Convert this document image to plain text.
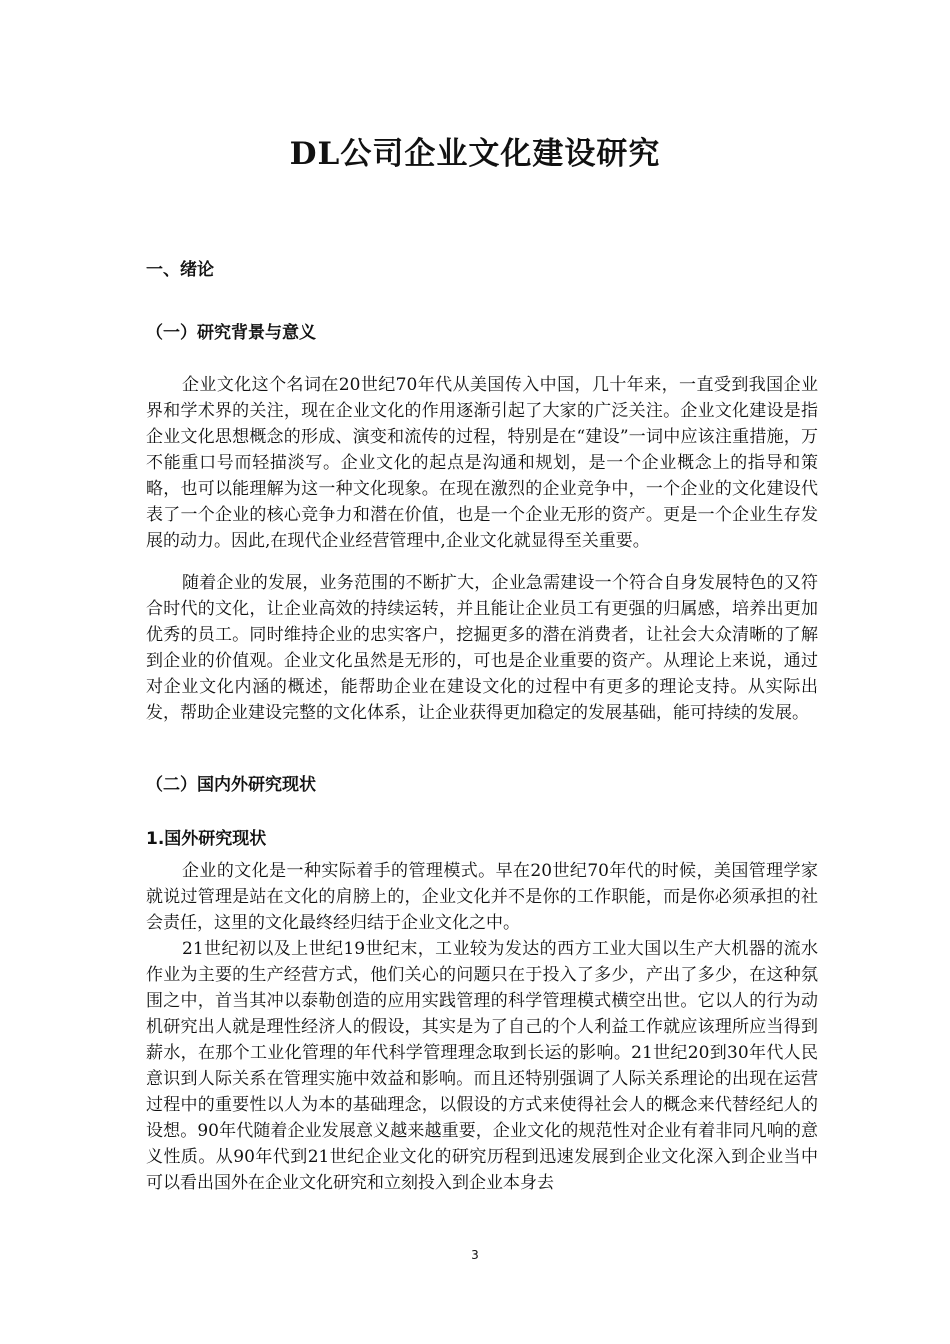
DL公司企业文化建设研究
一、绪论
（一）研究背景与意义

企业文化这个名词在20世纪70年代从美国传入中国，几十年来，一直受到我国企业界和学术界的关注，现在企业文化的作用逐渐引起了大家的广泛关注。企业文化建设是指企业文化思想概念的形成、演变和流传的过程，特别是在“建设”一词中应该注重措施，万不能重口号而轻描淡写。企业文化的起点是沟通和规划，是一个企业概念上的指导和策略，也可以能理解为这一种文化现象。在现在激烈的企业竞争中，一个企业的文化建设代表了一个企业的核心竞争力和潜在价值，也是一个企业无形的资产。更是一个企业生存发展的动力。因此,在现代企业经营管理中,企业文化就显得至关重要。

随着企业的发展，业务范围的不断扩大，企业急需建设一个符合自身发展特色的又符合时代的文化，让企业高效的持续运转，并且能让企业员工有更强的归属感，培养出更加优秀的员工。同时维持企业的忠实客户，挖掘更多的潜在消费者，让社会大众清晰的了解到企业的价值观。企业文化虽然是无形的，可也是企业重要的资产。从理论上来说，通过对企业文化内涵的概述，能帮助企业在建设文化的过程中有更多的理论支持。从实际出发，帮助企业建设完整的文化体系，让企业获得更加稳定的发展基础，能可持续的发展。

（二）国内外研究现状
1.国外研究现状

企业的文化是一种实际着手的管理模式。早在20世纪70年代的时候，美国管理学家就说过管理是站在文化的肩膀上的，企业文化并不是你的工作职能，而是你必须承担的社会责任，这里的文化最终经归结于企业文化之中。

21世纪初以及上世纪19世纪末，工业较为发达的西方工业大国以生产大机器的流水作业为主要的生产经营方式，他们关心的问题只在于投入了多少，产出了多少，在这种氛围之中，首当其冲以泰勒创造的应用实践管理的科学管理模式横空出世。它以人的行为动机研究出人就是理性经济人的假设，其实是为了自己的个人利益工作就应该理所应当得到薪水，在那个工业化管理的年代科学管理理念取到长运的影响。21世纪20到30年代人民意识到人际关系在管理实施中效益和影响。而且还特别强调了人际关系理论的出现在运营过程中的重要性以人为本的基础理念，以假设的方式来使得社会人的概念来代替经纪人的设想。90年代随着企业发展意义越来越重要，企业文化的规范性对企业有着非同凡响的意义性质。从90年代到21世纪企业文化的研究历程到迅速发展到企业文化深入到企业当中可以看出国外在企业文化研究和立刻投入到企业本身去

3
